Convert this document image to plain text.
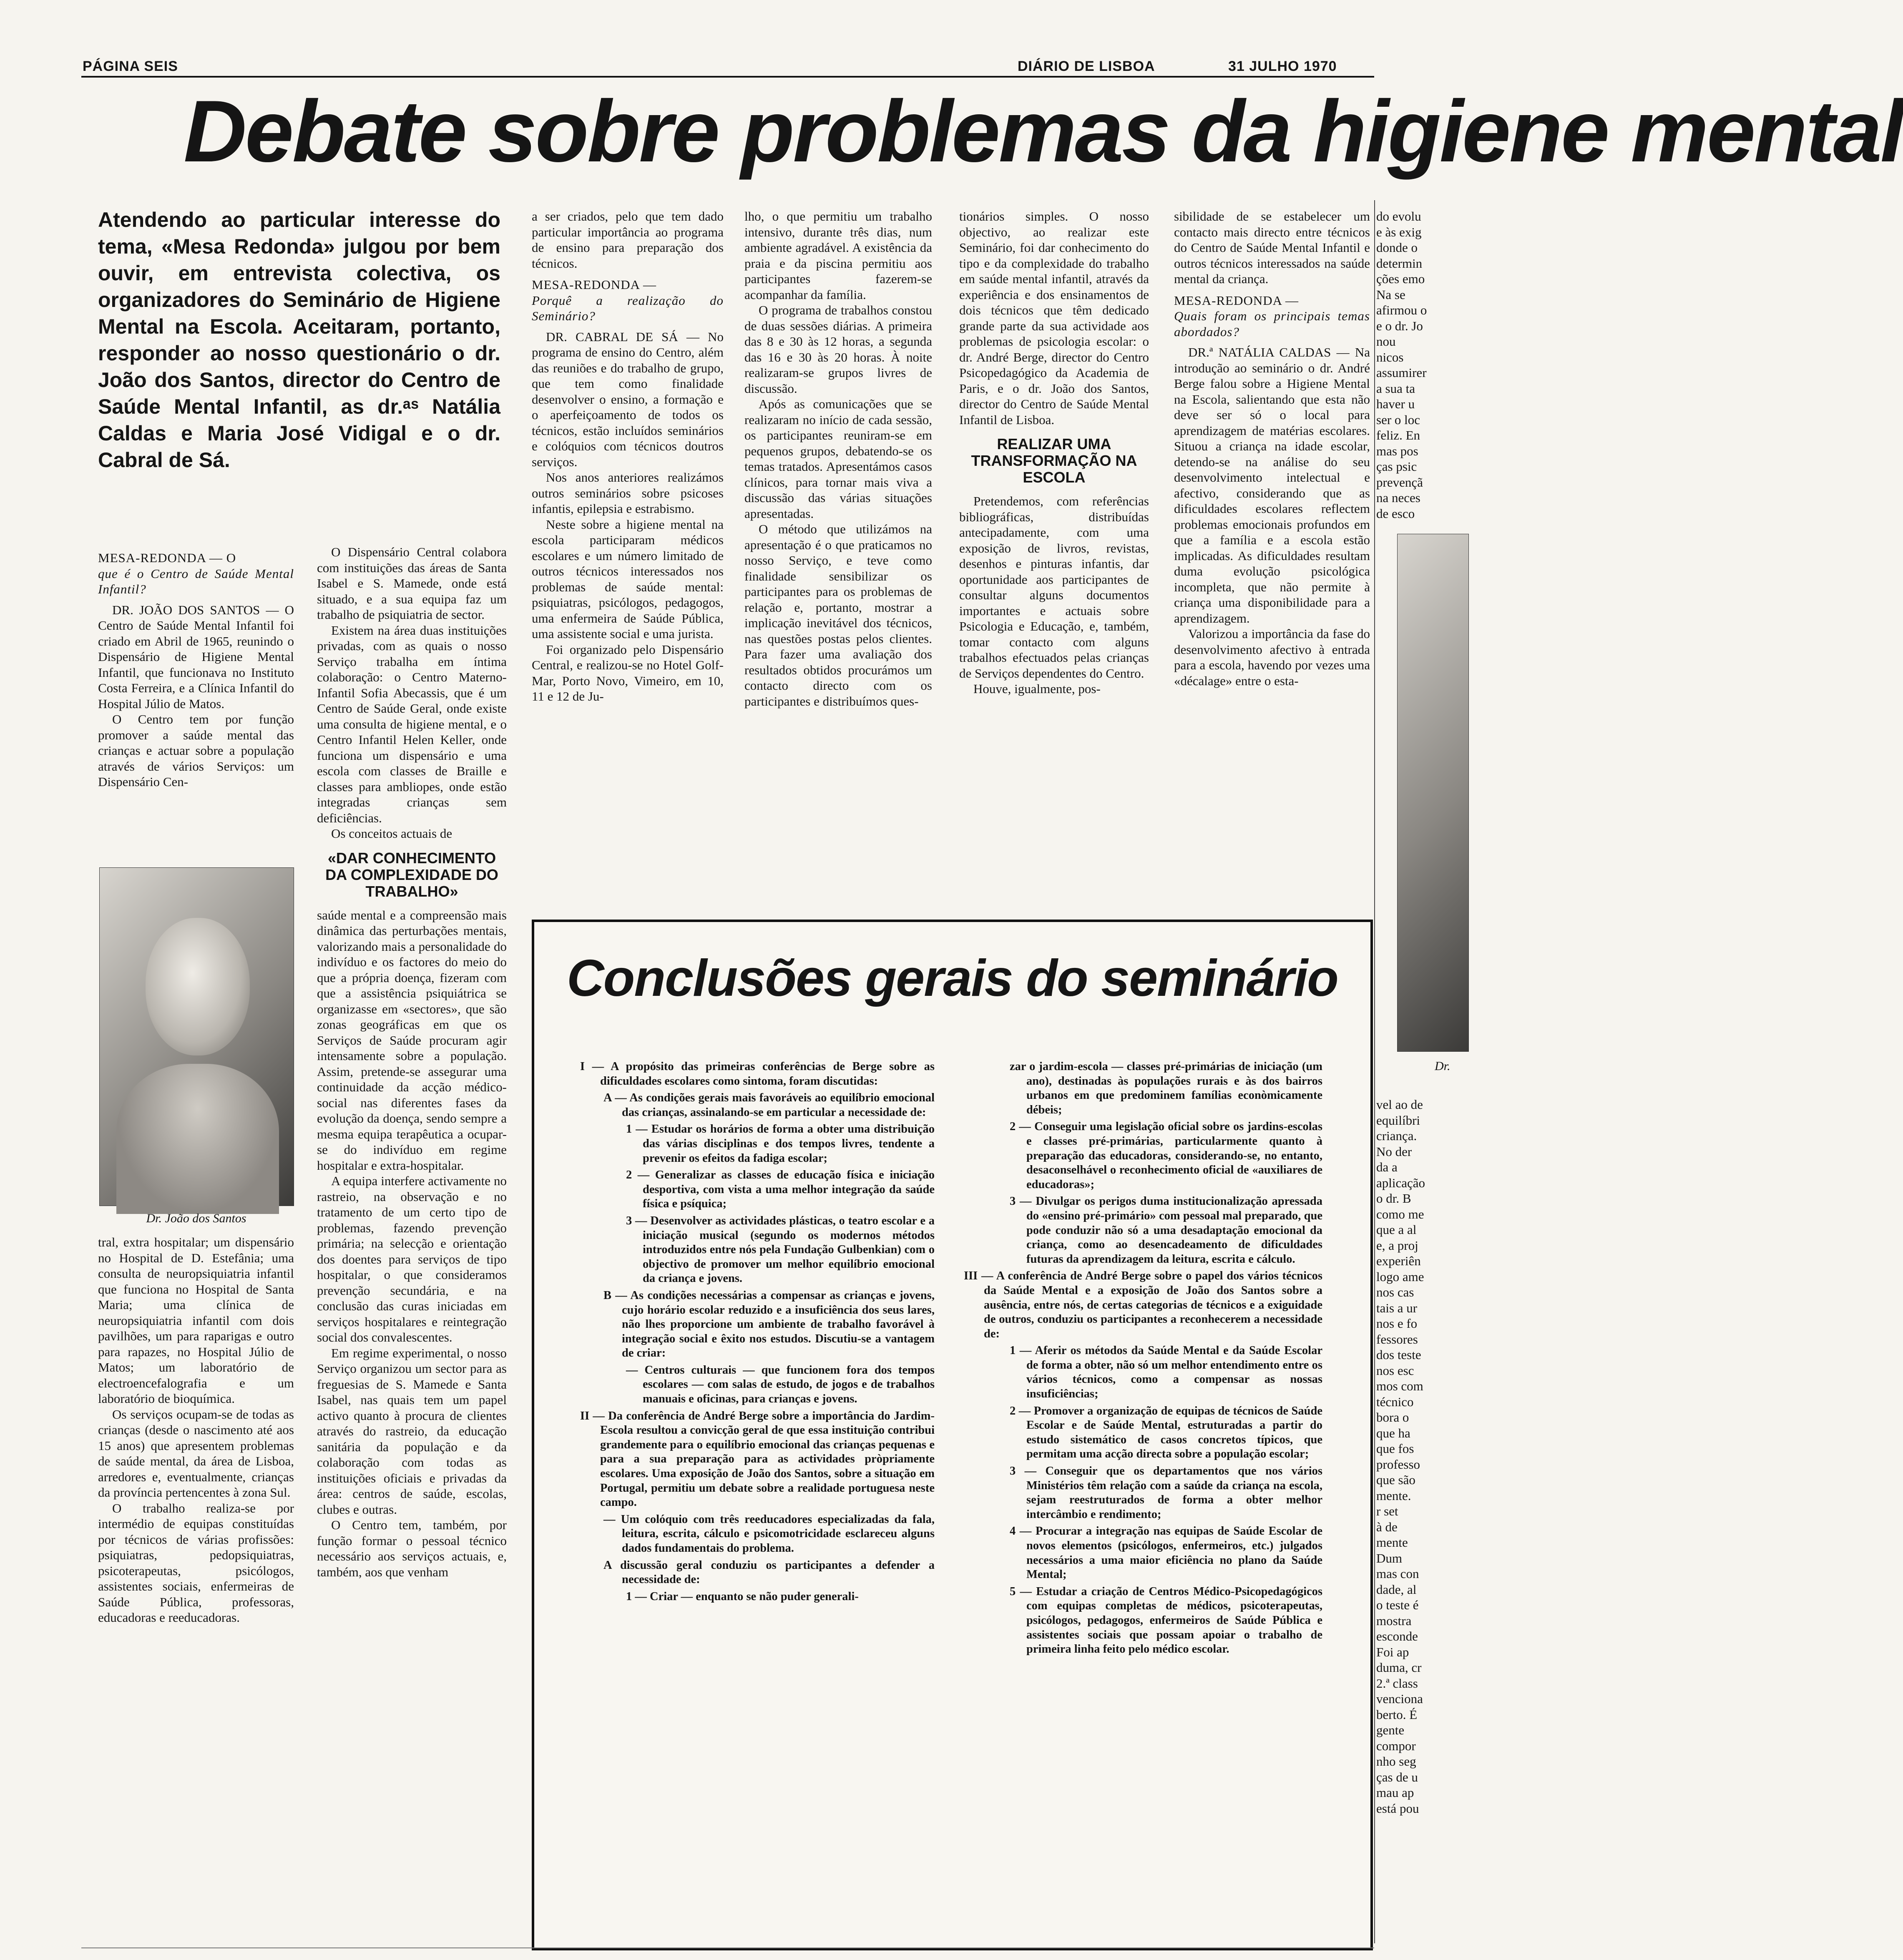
PÁGINA SEIS	DIÁRIO DE LISBOA	31 JULHO 1970
Debate sobre problemas da higiene mental
Atendendo ao particular interesse do tema, «Mesa Redonda» julgou por bem ouvir, em entrevista colectiva, os organizadores do Seminário de Higiene Mental na Escola. Aceitaram, portanto, responder ao nosso questionário o dr. João dos Santos, director do Centro de Saúde Mental Infantil, as dr.ᵃˢ Natália Caldas e Maria José Vidigal e o dr. Cabral de Sá.
MESA-REDONDA — O
que é o Centro de Saúde Mental Infantil?

DR. JOÃO DOS SANTOS — O Centro de Saúde Mental Infantil foi criado em Abril de 1965, reunindo o Dispensário de Higiene Mental Infantil, que funcionava no Instituto Costa Ferreira, e a Clínica Infantil do Hospital Júlio de Matos.

O Centro tem por função promover a saúde mental das crianças e actuar sobre a população através de vários Serviços: um Dispensário Cen-

Dr. João dos Santos

tral, extra hospitalar; um dispensário no Hospital de D. Estefânia; uma consulta de neuropsiquiatria infantil que funciona no Hospital de Santa Maria; uma clínica de neuropsiquiatria infantil com dois pavilhões, um para raparigas e outro para rapazes, no Hospital Júlio de Matos; um laboratório de electroencefalografia e um laboratório de bioquímica.

Os serviços ocupam-se de todas as crianças (desde o nascimento até aos 15 anos) que apresentem problemas de saúde mental, da área de Lisboa, arredores e, eventualmente, crianças da província pertencentes à zona Sul.

O trabalho realiza-se por intermédio de equipas constituídas por técnicos de várias profissões: psiquiatras, pedopsiquiatras, psicoterapeutas, psicólogos, assistentes sociais, enfermeiras de Saúde Pública, professoras, educadoras e reeducadoras.

O Dispensário Central colabora com instituições das áreas de Santa Isabel e S. Mamede, onde está situado, e a sua equipa faz um trabalho de psiquiatria de sector.

Existem na área duas instituições privadas, com as quais o nosso Serviço trabalha em íntima colaboração: o Centro Materno-Infantil Sofia Abecassis, que é um Centro de Saúde Geral, onde existe uma consulta de higiene mental, e o Centro Infantil Helen Keller, onde funciona um dispensário e uma escola com classes de Braille e classes para ambliopes, onde estão integradas crianças sem deficiências.

Os conceitos actuais de

«DAR CONHECIMENTO DA COMPLEXIDADE DO TRABALHO»

saúde mental e a compreensão mais dinâmica das perturbações mentais, valorizando mais a personalidade do indivíduo e os factores do meio do que a própria doença, fizeram com que a assistência psiquiátrica se organizasse em «sectores», que são zonas geográficas em que os Serviços de Saúde procuram agir intensamente sobre a população. Assim, pretende-se assegurar uma continuidade da acção médico-social nas diferentes fases da evolução da doença, sendo sempre a mesma equipa terapêutica a ocupar-se do indivíduo em regime hospitalar e extra-hospitalar.

A equipa interfere activamente no rastreio, na observação e no tratamento de um certo tipo de problemas, fazendo prevenção primária; na selecção e orientação dos doentes para serviços de tipo hospitalar, o que consideramos prevenção secundária, e na conclusão das curas iniciadas em serviços hospitalares e reintegração social dos convalescentes.

Em regime experimental, o nosso Serviço organizou um sector para as freguesias de S. Mamede e Santa Isabel, nas quais tem um papel activo quanto à procura de clientes através do rastreio, da educação sanitária da população e da colaboração com todas as instituições oficiais e privadas da área: centros de saúde, escolas, clubes e outras.

O Centro tem, também, por função formar o pessoal técnico necessário aos serviços actuais, e, também, aos que venham

a ser criados, pelo que tem dado particular importância ao programa de ensino para preparação dos técnicos.

MESA-REDONDA —
Porquê a realização do Seminário?

DR. CABRAL DE SÁ — No programa de ensino do Centro, além das reuniões e do trabalho de grupo, que tem como finalidade desenvolver o ensino, a formação e o aperfeiçoamento de todos os técnicos, estão incluídos seminários e colóquios com técnicos doutros serviços.

Nos anos anteriores realizámos outros seminários sobre psicoses infantis, epilepsia e estrabismo.

Neste sobre a higiene mental na escola participaram médicos escolares e um número limitado de outros técnicos interessados nos problemas de saúde mental: psiquiatras, psicólogos, pedagogos, uma enfermeira de Saúde Pública, uma assistente social e uma jurista.

Foi organizado pelo Dispensário Central, e realizou-se no Hotel Golf-Mar, Porto Novo, Vimeiro, em 10, 11 e 12 de Ju-

lho, o que permitiu um trabalho intensivo, durante três dias, num ambiente agradável. A existência da praia e da piscina permitiu aos participantes fazerem-se acompanhar da família.

O programa de trabalhos constou de duas sessões diárias. A primeira das 8 e 30 às 12 horas, a segunda das 16 e 30 às 20 horas. À noite realizaram-se grupos livres de discussão.

Após as comunicações que se realizaram no início de cada sessão, os participantes reuniram-se em pequenos grupos, debatendo-se os temas tratados. Apresentámos casos clínicos, para tornar mais viva a discussão das várias situações apresentadas.

O método que utilizámos na apresentação é o que praticamos no nosso Serviço, e teve como finalidade sensibilizar os participantes para os problemas de relação e, portanto, mostrar a implicação inevitável dos técnicos, nas questões postas pelos clientes. Para fazer uma avaliação dos resultados obtidos procurámos um contacto directo com os participantes e distribuímos ques-

tionários simples. O nosso objectivo, ao realizar este Seminário, foi dar conhecimento do tipo e da complexidade do trabalho em saúde mental infantil, através da experiência e dos ensinamentos de dois técnicos que têm dedicado grande parte da sua actividade aos problemas de psicologia escolar: o dr. André Berge, director do Centro Psicopedagógico da Academia de Paris, e o dr. João dos Santos, director do Centro de Saúde Mental Infantil de Lisboa.

REALIZAR UMA TRANSFORMAÇÃO NA ESCOLA

Pretendemos, com referências bibliográficas, distribuídas antecipadamente, com uma exposição de livros, revistas, desenhos e pinturas infantis, dar oportunidade aos participantes de consultar alguns documentos importantes e actuais sobre Psicologia e Educação, e, também, tomar contacto com alguns trabalhos efectuados pelas crianças de Serviços dependentes do Centro.

Houve, igualmente, pos-

sibilidade de se estabelecer um contacto mais directo entre técnicos do Centro de Saúde Mental Infantil e outros técnicos interessados na saúde mental da criança.

MESA-REDONDA —
Quais foram os principais temas abordados?

DR.ª NATÁLIA CALDAS — Na introdução ao seminário o dr. André Berge falou sobre a Higiene Mental na Escola, salientando que esta não deve ser só o local para aprendizagem de matérias escolares. Situou a criança na idade escolar, detendo-se na análise do seu desenvolvimento intelectual e afectivo, considerando que as dificuldades escolares reflectem problemas emocionais profundos em que a família e a escola estão implicadas. As dificuldades resultam duma evolução psicológica incompleta, que não permite à criança uma disponibilidade para a aprendizagem.

Valorizou a importância da fase do desenvolvimento afectivo à entrada para a escola, havendo por vezes uma «décalage» entre o esta-

do evolu
e às exig
donde o
determin
ções emo
Na se
afirmou o
e o dr. Jo
nou
nicos
assumirer
a sua ta
haver u
ser o loc
feliz. En
mas pos
ças psic
prevençã
na neces
de esco
Dr.
vel ao de
equilíbri
criança.
No der
da a
aplicação
o dr. B
como me
que a al
e, a proj
experiên
logo ame
nos cas
tais a ur
nos e fo
fessores
dos teste
nos esc
mos com
técnico
bora o
que ha
que fos
professo
que são
mente.
r set
à de
mente
Dum
mas con
dade, al
o teste é
mostra
esconde
Foi ap
duma, cr
2.ª class
venciona
berto. É
gente
compor
nho seg
ças de u
mau ap
está pou
Conclusões gerais do seminário
I — A propósito das primeiras conferências de Berge sobre as dificuldades escolares como sintoma, foram discutidas:
A — As condições gerais mais favoráveis ao equilíbrio emocional das crianças, assinalando-se em particular a necessidade de:
1 — Estudar os horários de forma a obter uma distribuição das várias disciplinas e dos tempos livres, tendente a prevenir os efeitos da fadiga escolar;
2 — Generalizar as classes de educação física e iniciação desportiva, com vista a uma melhor integração da saúde física e psíquica;
3 — Desenvolver as actividades plásticas, o teatro escolar e a iniciação musical (segundo os modernos métodos introduzidos entre nós pela Fundação Gulbenkian) com o objectivo de promover um melhor equilíbrio emocional da criança e jovens.
B — As condições necessárias a compensar as crianças e jovens, cujo horário escolar reduzido e a insuficiência dos seus lares, não lhes proporcione um ambiente de trabalho favorável à integração social e êxito nos estudos. Discutiu-se a vantagem de criar:
— Centros culturais — que funcionem fora dos tempos escolares — com salas de estudo, de jogos e de trabalhos manuais e oficinas, para crianças e jovens.
II — Da conferência de André Berge sobre a importância do Jardim-Escola resultou a convicção geral de que essa instituição contribui grandemente para o equilíbrio emocional das crianças pequenas e para a sua preparação para as actividades pròpriamente escolares. Uma exposição de João dos Santos, sobre a situação em Portugal, permitiu um debate sobre a realidade portuguesa neste campo.
— Um colóquio com três reeducadores especializadas da fala, leitura, escrita, cálculo e psicomotricidade esclareceu alguns dados fundamentais do problema.
A discussão geral conduziu os participantes a defender a necessidade de:
1 — Criar — enquanto se não puder generali-
zar o jardim-escola — classes pré-primárias de iniciação (um ano), destinadas às populações rurais e às dos bairros urbanos em que predominem famílias econòmicamente débeis;
2 — Conseguir uma legislação oficial sobre os jardins-escolas e classes pré-primárias, particularmente quanto à preparação das educadoras, considerando-se, no entanto, desaconselhável o reconhecimento oficial de «auxiliares de educadoras»;
3 — Divulgar os perigos duma institucionalização apressada do «ensino pré-primário» com pessoal mal preparado, que pode conduzir não só a uma desadaptação emocional da criança, como ao desencadeamento de dificuldades futuras da aprendizagem da leitura, escrita e cálculo.
III — A conferência de André Berge sobre o papel dos vários técnicos da Saúde Mental e a exposição de João dos Santos sobre a ausência, entre nós, de certas categorias de técnicos e a exiguidade de outros, conduziu os participantes a reconhecerem a necessidade de:
1 — Aferir os métodos da Saúde Mental e da Saúde Escolar de forma a obter, não só um melhor entendimento entre os vários técnicos, como a compensar as nossas insuficiências;
2 — Promover a organização de equipas de técnicos de Saúde Escolar e de Saúde Mental, estruturadas a partir do estudo sistemático de casos concretos típicos, que permitam uma acção directa sobre a população escolar;
3 — Conseguir que os departamentos que nos vários Ministérios têm relação com a saúde da criança na escola, sejam reestruturados de forma a obter melhor intercâmbio e rendimento;
4 — Procurar a integração nas equipas de Saúde Escolar de novos elementos (psicólogos, enfermeiros, etc.) julgados necessários a uma maior eficiência no plano da Saúde Mental;
5 — Estudar a criação de Centros Médico-Psicopedagógicos com equipas completas de médicos, psicoterapeutas, psicólogos, pedagogos, enfermeiros de Saúde Pública e assistentes sociais que possam apoiar o trabalho de primeira linha feito pelo médico escolar.
